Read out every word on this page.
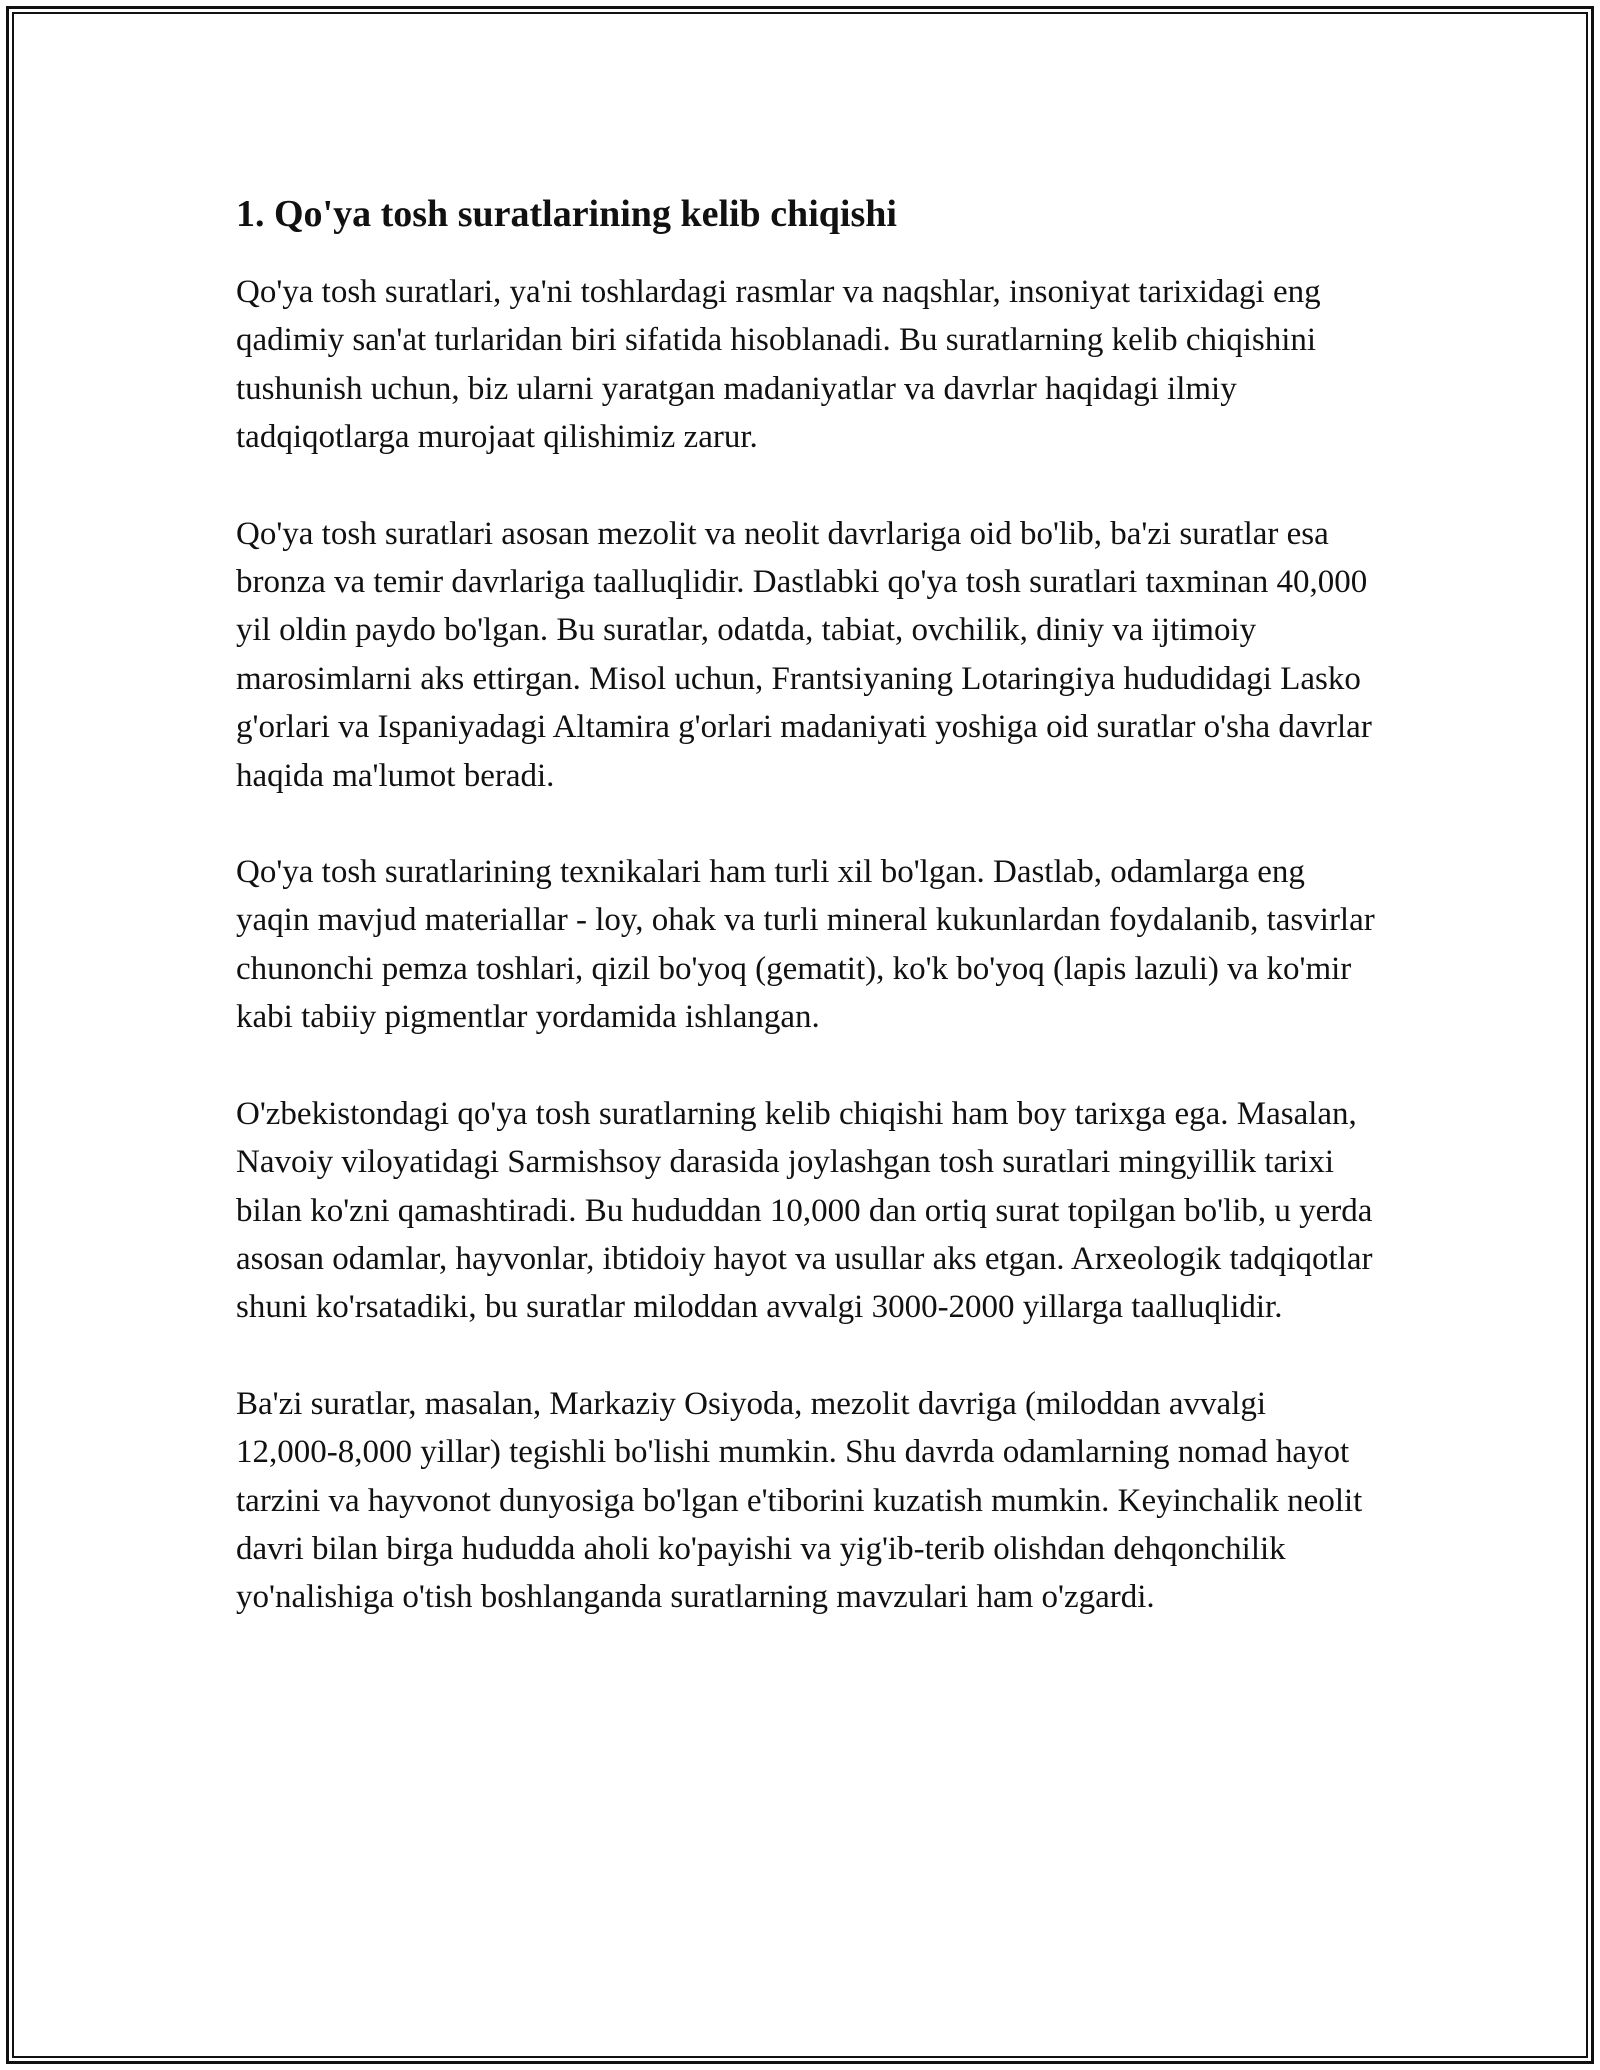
1. Qo'ya tosh suratlarining kelib chiqishi

Qo'ya tosh suratlari, ya'ni toshlardagi rasmlar va naqshlar, insoniyat tarixidagi eng qadimiy san'at turlaridan biri sifatida hisoblanadi. Bu suratlarning kelib chiqishini tushunish uchun, biz ularni yaratgan madaniyatlar va davrlar haqidagi ilmiy tadqiqotlarga murojaat qilishimiz zarur.

Qo'ya tosh suratlari asosan mezolit va neolit davrlariga oid bo'lib, ba'zi suratlar esa bronza va temir davrlariga taalluqlidir. Dastlabki qo'ya tosh suratlari taxminan 40,000 yil oldin paydo bo'lgan. Bu suratlar, odatda, tabiat, ovchilik, diniy va ijtimoiy marosimlarni aks ettirgan. Misol uchun, Frantsiyaning Lotaringiya hududidagi Lasko g'orlari va Ispaniyadagi Altamira g'orlari madaniyati yoshiga oid suratlar o'sha davrlar haqida ma'lumot beradi.

Qo'ya tosh suratlarining texnikalari ham turli xil bo'lgan. Dastlab, odamlarga eng yaqin mavjud materiallar - loy, ohak va turli mineral kukunlardan foydalanib, tasvirlar chunonchi pemza toshlari, qizil bo'yoq (gematit), ko'k bo'yoq (lapis lazuli) va ko'mir kabi tabiiy pigmentlar yordamida ishlangan.

O'zbekistondagi qo'ya tosh suratlarning kelib chiqishi ham boy tarixga ega. Masalan, Navoiy viloyatidagi Sarmishsoy darasida joylashgan tosh suratlari mingyillik tarixi bilan ko'zni qamashtiradi. Bu hududdan 10,000 dan ortiq surat topilgan bo'lib, u yerda asosan odamlar, hayvonlar, ibtidoiy hayot va usullar aks etgan. Arxeologik tadqiqotlar shuni ko'rsatadiki, bu suratlar miloddan avvalgi 3000-2000 yillarga taalluqlidir.

Ba'zi suratlar, masalan, Markaziy Osiyoda, mezolit davriga (miloddan avvalgi 12,000-8,000 yillar) tegishli bo'lishi mumkin. Shu davrda odamlarning nomad hayot tarzini va hayvonot dunyosiga bo'lgan e'tiborini kuzatish mumkin. Keyinchalik neolit davri bilan birga hududda aholi ko'payishi va yig'ib-terib olishdan dehqonchilik yo'nalishiga o'tish boshlanganda suratlarning mavzulari ham o'zgardi.
